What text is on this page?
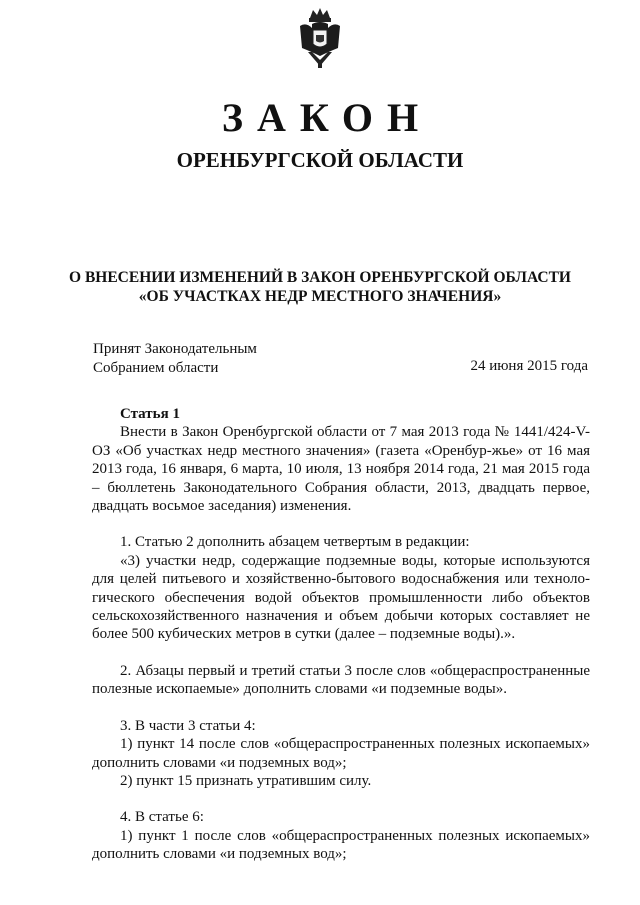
ЗАКОН
ОРЕНБУРГСКОЙ ОБЛАСТИ
О ВНЕСЕНИИ ИЗМЕНЕНИЙ В ЗАКОН ОРЕНБУРГСКОЙ ОБЛАСТИ
«ОБ УЧАСТКАХ НЕДР МЕСТНОГО ЗНАЧЕНИЯ»
Принят Законодательным
Собранием области	24 июня 2015 года

Статья 1

Внести в Закон Оренбургской области от 7 мая 2013 года № 1441/424-V-ОЗ «Об участках недр местного значения» (газета «Оренбур-жье» от 16 мая 2013 года, 16 января, 6 марта, 10 июля, 13 ноября 2014 года, 21 мая 2015 года – бюллетень Законодательного Собрания области, 2013, двадцать первое, двадцать восьмое заседания) изменения.

1. Статью 2 дополнить абзацем четвертым в редакции:

«3) участки недр, содержащие подземные воды, которые используются для целей питьевого и хозяйственно-бытового водоснабжения или техноло-гического обеспечения водой объектов промышленности либо объектов сельскохозяйственного назначения и объем добычи которых составляет не более 500 кубических метров в сутки (далее – подземные воды).».

2. Абзацы первый и третий статьи 3 после слов «общераспространенные полезные ископаемые» дополнить словами «и подземные воды».

3. В части 3 статьи 4:

1) пункт 14 после слов «общераспространенных полезных ископаемых» дополнить словами «и подземных вод»;

2) пункт 15 признать утратившим силу.

4. В статье 6:

1) пункт 1 после слов «общераспространенных полезных ископаемых» дополнить словами «и подземных вод»;
